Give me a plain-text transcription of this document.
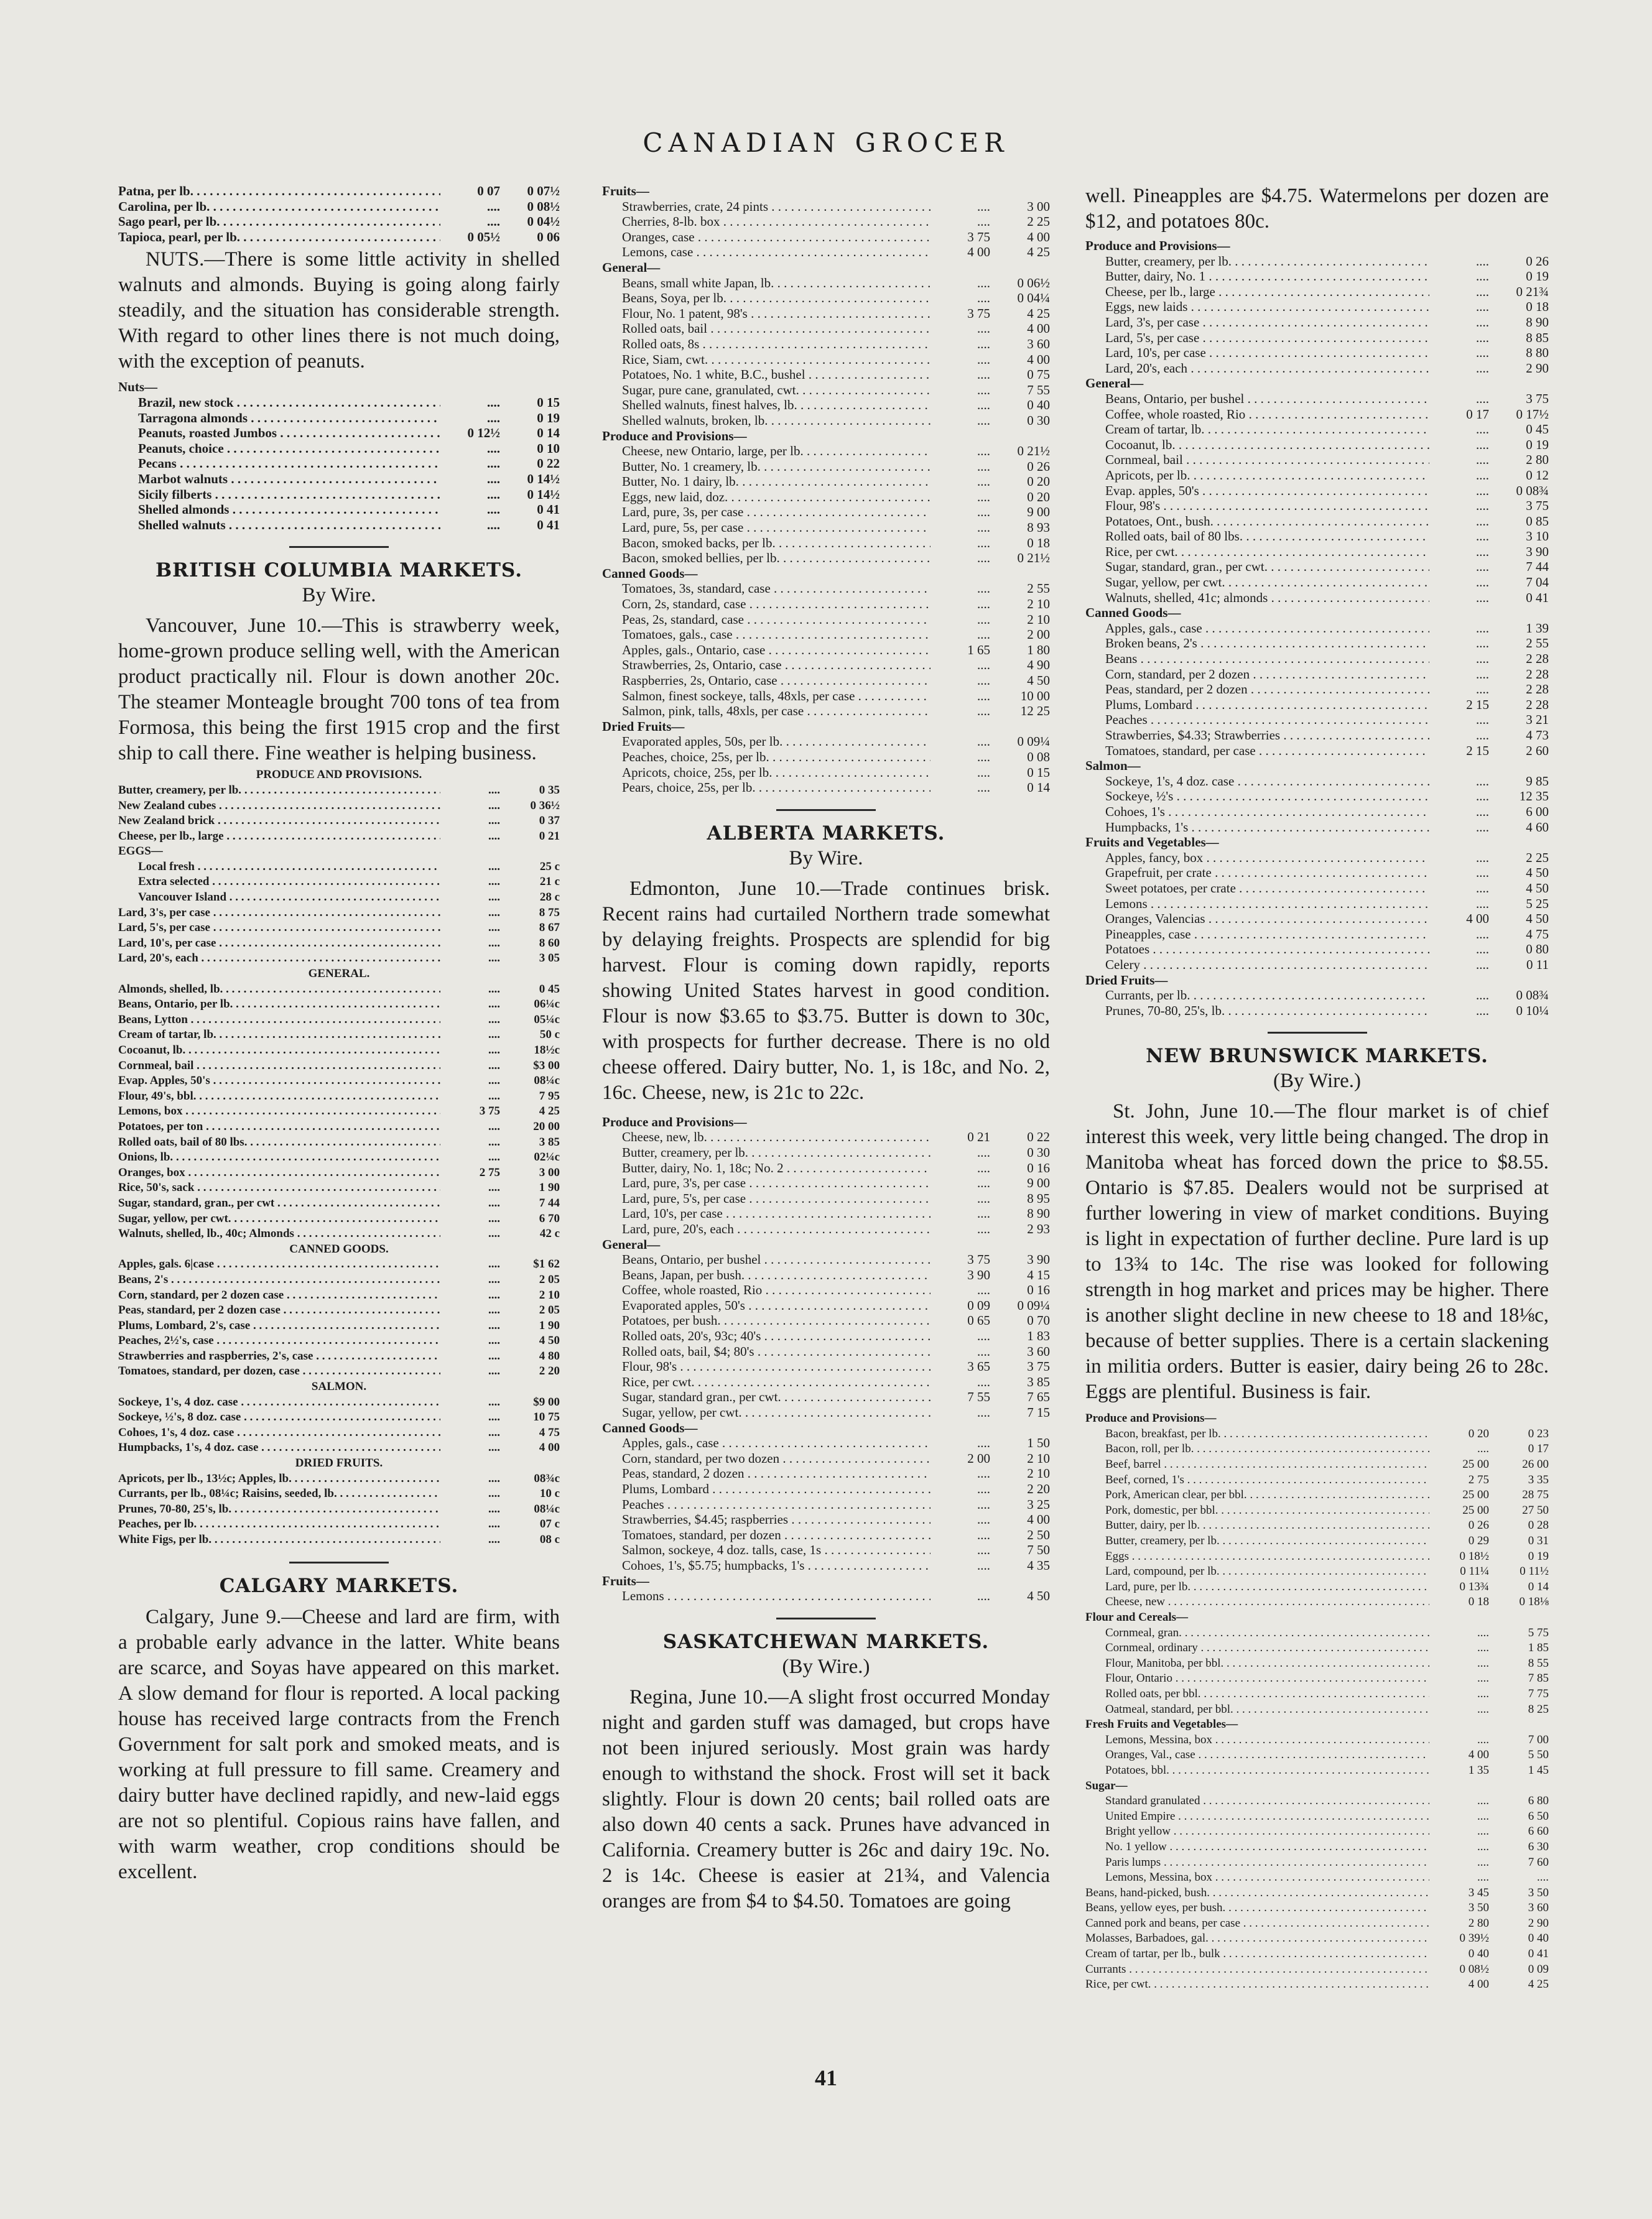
CANADIAN GROCER
Patna, per lb. . . .	0 07	0 07½
Carolina, per lb. . . .	....	0 08½
Sago pearl, per lb. . . .	....	0 04½
Tapioca, pearl, per lb. . . .	0 05½	0 06

NUTS.—There is some little activity in shelled walnuts and almonds. Buying is going along fairly steadily, and the situation has considerable strength. With regard to other lines there is not much doing, with the exception of peanuts.

Nuts—
Brazil, new stock . . .	....	0 15
Tarragona almonds . . .	....	0 19
Peanuts, roasted Jumbos . . .	0 12½	0 14
Peanuts, choice . . .	....	0 10
Pecans . . .	....	0 22
Marbot walnuts . . .	....	0 14½
Sicily filberts . . .	....	0 14½
Shelled almonds . . .	....	0 41
Shelled walnuts . . .	....	0 41

BRITISH COLUMBIA MARKETS.

By Wire.

Vancouver, June 10.—This is strawberry week, home-grown produce selling well, with the American product practically nil. Flour is down another 20c. The steamer Monteagle brought 700 tons of tea from Formosa, this being the first 1915 crop and the first ship to call there. Fine weather is helping business.

PRODUCE AND PROVISIONS.
Butter, creamery, per lb. . . .	....	0 35
New Zealand cubes . . .	....	0 36½
New Zealand brick . . .	....	0 37
Cheese, per lb., large . . .	....	0 21
EGGS—
Local fresh . . .	....	25 c
Extra selected . . .	....	21 c
Vancouver Island . . .	....	28 c
Lard, 3's, per case . . .	....	8 75
Lard, 5's, per case . . .	....	8 67
Lard, 10's, per case . . .	....	8 60
Lard, 20's, each . . .	....	3 05
GENERAL.
Almonds, shelled, lb. . . .	....	0 45
Beans, Ontario, per lb. . . .	....	06¼c
Beans, Lytton . . .	....	05¼c
Cream of tartar, lb. . . .	....	50 c
Cocoanut, lb. . . .	....	18½c
Cornmeal, bail . . .	....	$3 00
Evap. Apples, 50's . . .	....	08¼c
Flour, 49's, bbl. . . .	....	7 95
Lemons, box . . .	3 75	4 25
Potatoes, per ton . . .	....	20 00
Rolled oats, bail of 80 lbs. . . .	....	3 85
Onions, lb. . . .	....	02¼c
Oranges, box . . .	2 75	3 00
Rice, 50's, sack . . .	....	1 90
Sugar, standard, gran., per cwt . . .	....	7 44
Sugar, yellow, per cwt. . . .	....	6 70
Walnuts, shelled, lb., 40c; Almonds . . .	....	42 c
CANNED GOODS.
Apples, gals. 6|case . . .	....	$1 62
Beans, 2's . . .	....	2 05
Corn, standard, per 2 dozen case . . .	....	2 10
Peas, standard, per 2 dozen case . . .	....	2 05
Plums, Lombard, 2's, case . . .	....	1 90
Peaches, 2½'s, case . . .	....	4 50
Strawberries and raspberries, 2's, case . . .	....	4 80
Tomatoes, standard, per dozen, case . . .	....	2 20
SALMON.
Sockeye, 1's, 4 doz. case . . .	....	$9 00
Sockeye, ½'s, 8 doz. case . . .	....	10 75
Cohoes, 1's, 4 doz. case . . .	....	4 75
Humpbacks, 1's, 4 doz. case . . .	....	4 00
DRIED FRUITS.
Apricots, per lb., 13½c; Apples, lb. . . .	....	08¾c
Currants, per lb., 08¼c; Raisins, seeded, lb. . . .	....	10 c
Prunes, 70-80, 25's, lb. . . .	....	08¼c
Peaches, per lb. . . .	....	07 c
White Figs, per lb. . . .	....	08 c

CALGARY MARKETS.

Calgary, June 9.—Cheese and lard are firm, with a probable early advance in the latter. White beans are scarce, and Soyas have appeared on this market. A slow demand for flour is reported. A local packing house has received large contracts from the French Government for salt pork and smoked meats, and is working at full pressure to fill same. Creamery and dairy butter have declined rapidly, and new-laid eggs are not so plentiful. Copious rains have fallen, and with warm weather, crop conditions should be excellent.

Fruits—
Strawberries, crate, 24 pints . . .	....	3 00
Cherries, 8-lb. box . . .	....	2 25
Oranges, case . . .	3 75	4 00
Lemons, case . . .	4 00	4 25
General—
Beans, small white Japan, lb. . . .	....	0 06½
Beans, Soya, per lb. . . .	....	0 04¼
Flour, No. 1 patent, 98's . . .	3 75	4 25
Rolled oats, bail . . .	....	4 00
Rolled oats, 8s . . .	....	3 60
Rice, Siam, cwt. . . .	....	4 00
Potatoes, No. 1 white, B.C., bushel . . .	....	0 75
Sugar, pure cane, granulated, cwt. . . .	....	7 55
Shelled walnuts, finest halves, lb. . . .	....	0 40
Shelled walnuts, broken, lb. . . .	....	0 30
Produce and Provisions—
Cheese, new Ontario, large, per lb. . . .	....	0 21½
Butter, No. 1 creamery, lb. . . .	....	0 26
Butter, No. 1 dairy, lb. . . .	....	0 20
Eggs, new laid, doz. . . .	....	0 20
Lard, pure, 3s, per case . . .	....	9 00
Lard, pure, 5s, per case . . .	....	8 93
Bacon, smoked backs, per lb. . . .	....	0 18
Bacon, smoked bellies, per lb. . . .	....	0 21½
Canned Goods—
Tomatoes, 3s, standard, case . . .	....	2 55
Corn, 2s, standard, case . . .	....	2 10
Peas, 2s, standard, case . . .	....	2 10
Tomatoes, gals., case . . .	....	2 00
Apples, gals., Ontario, case . . .	1 65	1 80
Strawberries, 2s, Ontario, case . . .	....	4 90
Raspberries, 2s, Ontario, case . . .	....	4 50
Salmon, finest sockeye, talls, 48xls, per case . . .	....	10 00
Salmon, pink, talls, 48xls, per case . . .	....	12 25
Dried Fruits—
Evaporated apples, 50s, per lb. . . .	....	0 09¼
Peaches, choice, 25s, per lb. . . .	....	0 08
Apricots, choice, 25s, per lb. . . .	....	0 15
Pears, choice, 25s, per lb. . . .	....	0 14

ALBERTA MARKETS.

By Wire.

Edmonton, June 10.—Trade continues brisk. Recent rains had curtailed Northern trade somewhat by delaying freights. Prospects are splendid for big harvest. Flour is coming down rapidly, reports showing United States harvest in good condition. Flour is now $3.65 to $3.75. Butter is down to 30c, with prospects for further decrease. There is no old cheese offered. Dairy butter, No. 1, is 18c, and No. 2, 16c. Cheese, new, is 21c to 22c.

Produce and Provisions—
Cheese, new, lb. . . .	0 21	0 22
Butter, creamery, per lb. . . .	....	0 30
Butter, dairy, No. 1, 18c; No. 2 . . .	....	0 16
Lard, pure, 3's, per case . . .	....	9 00
Lard, pure, 5's, per case . . .	....	8 95
Lard, 10's, per case . . .	....	8 90
Lard, pure, 20's, each . . .	....	2 93
General—
Beans, Ontario, per bushel . . .	3 75	3 90
Beans, Japan, per bush. . . .	3 90	4 15
Coffee, whole roasted, Rio . . .	....	0 16
Evaporated apples, 50's . . .	0 09	0 09¼
Potatoes, per bush. . . .	0 65	0 70
Rolled oats, 20's, 93c; 40's . . .	....	1 83
Rolled oats, bail, $4; 80's . . .	....	3 60
Flour, 98's . . .	3 65	3 75
Rice, per cwt. . . .	....	3 85
Sugar, standard gran., per cwt. . . .	7 55	7 65
Sugar, yellow, per cwt. . . .	....	7 15
Canned Goods—
Apples, gals., case . . .	....	1 50
Corn, standard, per two dozen . . .	2 00	2 10
Peas, standard, 2 dozen . . .	....	2 10
Plums, Lombard . . .	....	2 20
Peaches . . .	....	3 25
Strawberries, $4.45; raspberries . . .	....	4 00
Tomatoes, standard, per dozen . . .	....	2 50
Salmon, sockeye, 4 doz. talls, case, 1s . . .	....	7 50
Cohoes, 1's, $5.75; humpbacks, 1's . . .	....	4 35
Fruits—
Lemons . . .	....	4 50

SASKATCHEWAN MARKETS.

(By Wire.)

Regina, June 10.—A slight frost occurred Monday night and garden stuff was damaged, but crops have not been injured seriously. Most grain was hardy enough to withstand the shock. Frost will set it back slightly. Flour is down 20 cents; bail rolled oats are also down 40 cents a sack. Prunes have advanced in California. Creamery butter is 26c and dairy 19c. No. 2 is 14c. Cheese is easier at 21¾, and Valencia oranges are from $4 to $4.50. Tomatoes are going

well. Pineapples are $4.75. Watermelons per dozen are $12, and potatoes 80c.

Produce and Provisions—
Butter, creamery, per lb. . . .	....	0 26
Butter, dairy, No. 1 . . .	....	0 19
Cheese, per lb., large . . .	....	0 21¾
Eggs, new laids . . .	....	0 18
Lard, 3's, per case . . .	....	8 90
Lard, 5's, per case . . .	....	8 85
Lard, 10's, per case . . .	....	8 80
Lard, 20's, each . . .	....	2 90
General—
Beans, Ontario, per bushel . . .	....	3 75
Coffee, whole roasted, Rio . . .	0 17	0 17½
Cream of tartar, lb. . . .	....	0 45
Cocoanut, lb. . . .	....	0 19
Cornmeal, bail . . .	....	2 80
Apricots, per lb. . . .	....	0 12
Evap. apples, 50's . . .	....	0 08¾
Flour, 98's . . .	....	3 75
Potatoes, Ont., bush. . . .	....	0 85
Rolled oats, bail of 80 lbs. . . .	....	3 10
Rice, per cwt. . . .	....	3 90
Sugar, standard, gran., per cwt. . . .	....	7 44
Sugar, yellow, per cwt. . . .	....	7 04
Walnuts, shelled, 41c; almonds . . .	....	0 41
Canned Goods—
Apples, gals., case . . .	....	1 39
Broken beans, 2's . . .	....	2 55
Beans . . .	....	2 28
Corn, standard, per 2 dozen . . .	....	2 28
Peas, standard, per 2 dozen . . .	....	2 28
Plums, Lombard . . .	2 15	2 28
Peaches . . .	....	3 21
Strawberries, $4.33; Strawberries . . .	....	4 73
Tomatoes, standard, per case . . .	2 15	2 60
Salmon—
Sockeye, 1's, 4 doz. case . . .	....	9 85
Sockeye, ½'s . . .	....	12 35
Cohoes, 1's . . .	....	6 00
Humpbacks, 1's . . .	....	4 60
Fruits and Vegetables—
Apples, fancy, box . . .	....	2 25
Grapefruit, per crate . . .	....	4 50
Sweet potatoes, per crate . . .	....	4 50
Lemons . . .	....	5 25
Oranges, Valencias . . .	4 00	4 50
Pineapples, case . . .	....	4 75
Potatoes . . .	....	0 80
Celery . . .	....	0 11
Dried Fruits—
Currants, per lb. . . .	....	0 08¾
Prunes, 70-80, 25's, lb. . . .	....	0 10¼

NEW BRUNSWICK MARKETS.

(By Wire.)

St. John, June 10.—The flour market is of chief interest this week, very little being changed. The drop in Manitoba wheat has forced down the price to $8.55. Ontario is $7.85. Dealers would not be surprised at further lowering in view of market conditions. Buying is light in expectation of further decline. Pure lard is up to 13¾ to 14c. The rise was looked for following strength in hog market and prices may be higher. There is another slight decline in new cheese to 18 and 18⅛c, because of better supplies. There is a certain slackening in militia orders. Butter is easier, dairy being 26 to 28c. Eggs are plentiful. Business is fair.

Produce and Provisions—
Bacon, breakfast, per lb. . . .	0 20	0 23
Bacon, roll, per lb. . . .	....	0 17
Beef, barrel . . .	25 00	26 00
Beef, corned, 1's . . .	2 75	3 35
Pork, American clear, per bbl. . . .	25 00	28 75
Pork, domestic, per bbl. . . .	25 00	27 50
Butter, dairy, per lb. . . .	0 26	0 28
Butter, creamery, per lb. . . .	0 29	0 31
Eggs . . .	0 18½	0 19
Lard, compound, per lb. . . .	0 11¼	0 11½
Lard, pure, per lb. . . .	0 13¾	0 14
Cheese, new . . .	0 18	0 18⅛
Flour and Cereals—
Cornmeal, gran. . . .	....	5 75
Cornmeal, ordinary . . .	....	1 85
Flour, Manitoba, per bbl. . . .	....	8 55
Flour, Ontario . . .	....	7 85
Rolled oats, per bbl. . . .	....	7 75
Oatmeal, standard, per bbl. . . .	....	8 25
Fresh Fruits and Vegetables—
Lemons, Messina, box . . .	....	7 00
Oranges, Val., case . . .	4 00	5 50
Potatoes, bbl. . . .	1 35	1 45
Sugar—
Standard granulated . . .	....	6 80
United Empire . . .	....	6 50
Bright yellow . . .	....	6 60
No. 1 yellow . . .	....	6 30
Paris lumps . . .	....	7 60
Lemons, Messina, box . . .	....	....
Beans, hand-picked, bush. . . .	3 45	3 50
Beans, yellow eyes, per bush. . . .	3 50	3 60
Canned pork and beans, per case . . .	2 80	2 90
Molasses, Barbadoes, gal. . . .	0 39½	0 40
Cream of tartar, per lb., bulk . . .	0 40	0 41
Currants . . .	0 08½	0 09
Rice, per cwt. . . .	4 00	4 25
41
